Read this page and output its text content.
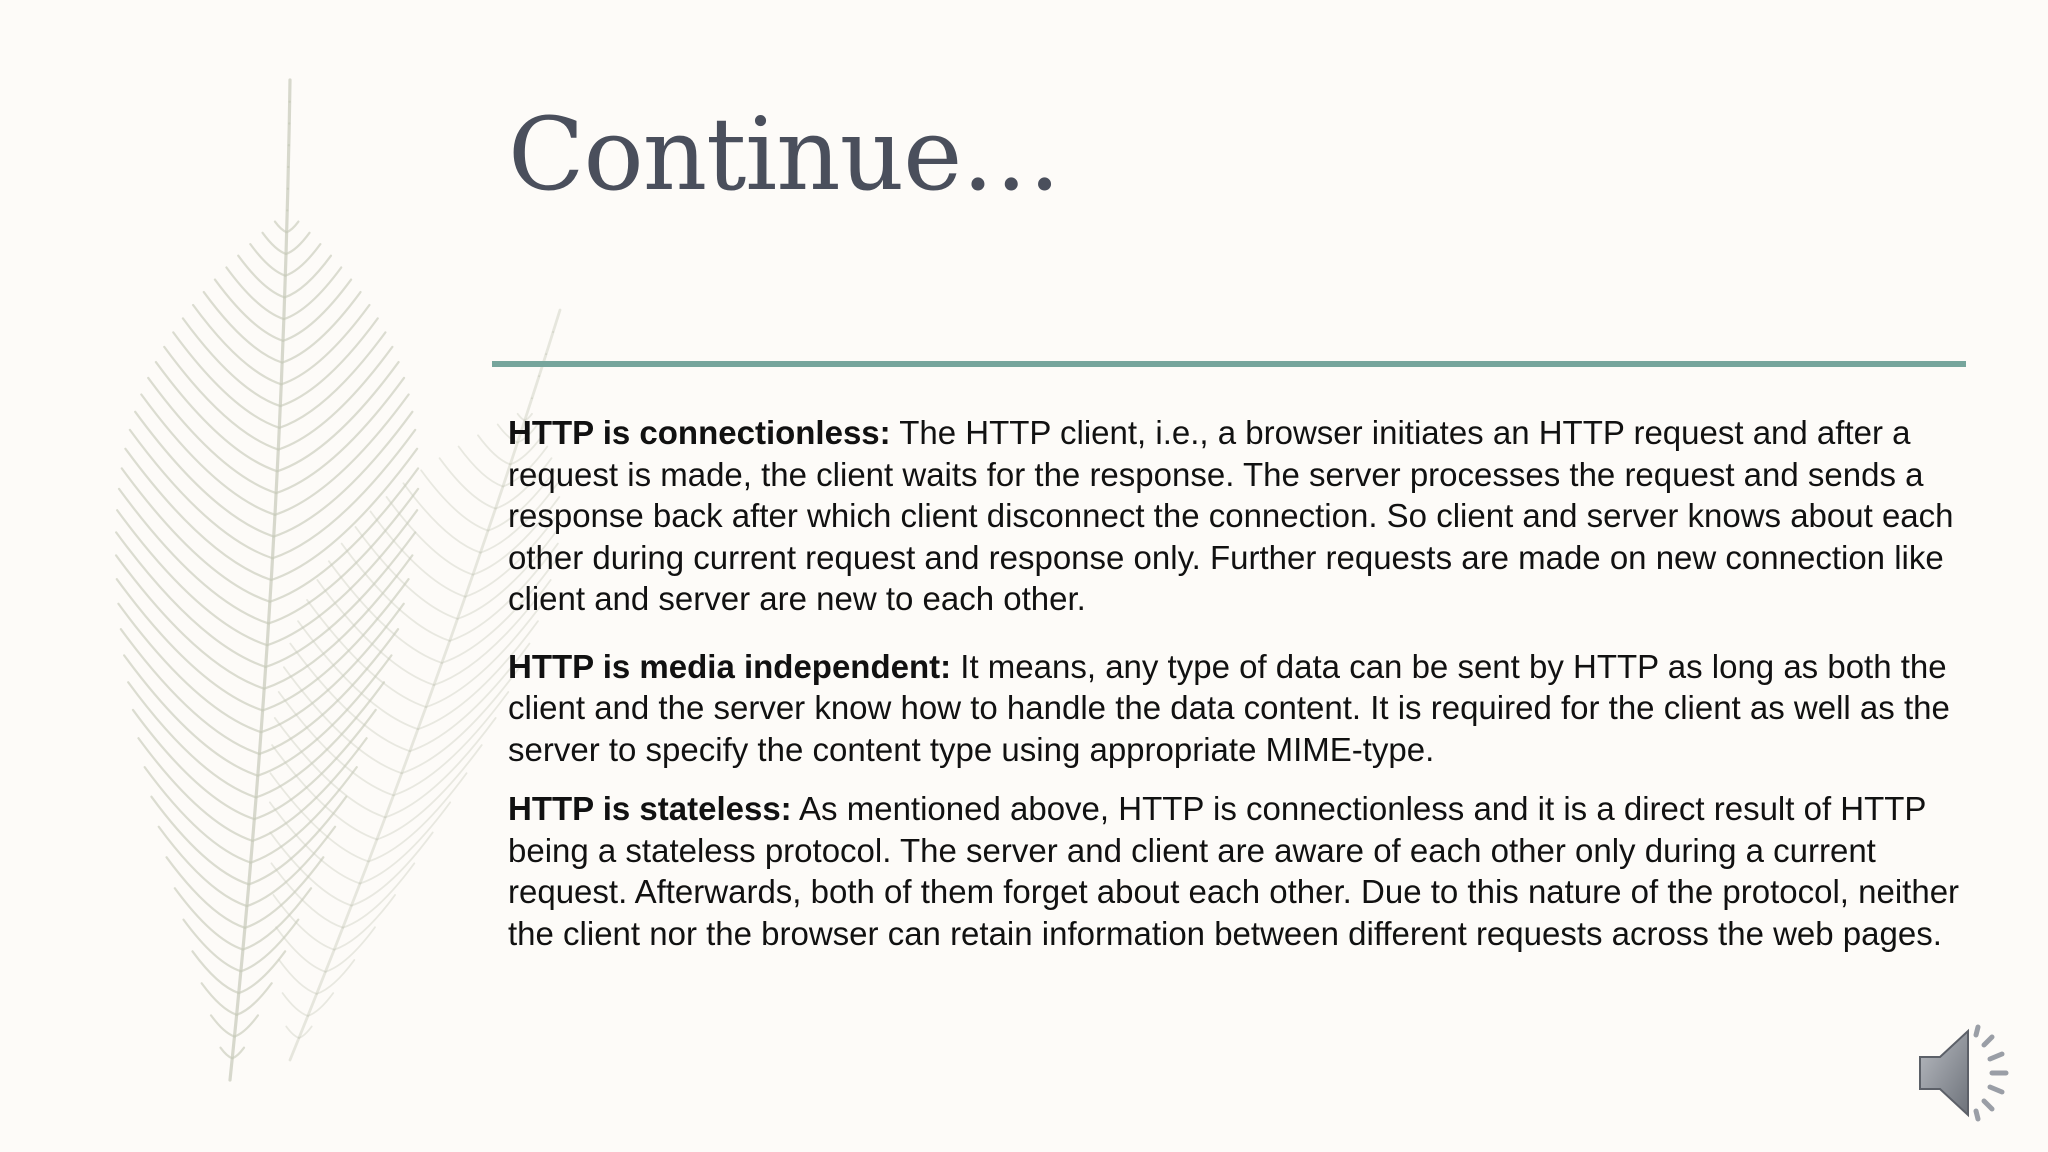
Continue…

HTTP is connectionless: The HTTP client, i.e., a browser initiates an HTTP request and after a request is made, the client waits for the response. The server processes the request and sends a response back after which client disconnect the connection. So client and server knows about each other during current request and response only. Further requests are made on new connection like client and server are new to each other.

HTTP is media independent: It means, any type of data can be sent by HTTP as long as both the client and the server know how to handle the data content. It is required for the client as well as the server to specify the content type using appropriate MIME-type.

HTTP is stateless: As mentioned above, HTTP is connectionless and it is a direct result of HTTP being a stateless protocol. The server and client are aware of each other only during a current request. Afterwards, both of them forget about each other. Due to this nature of the protocol, neither the client nor the browser can retain information between different requests across the web pages.
